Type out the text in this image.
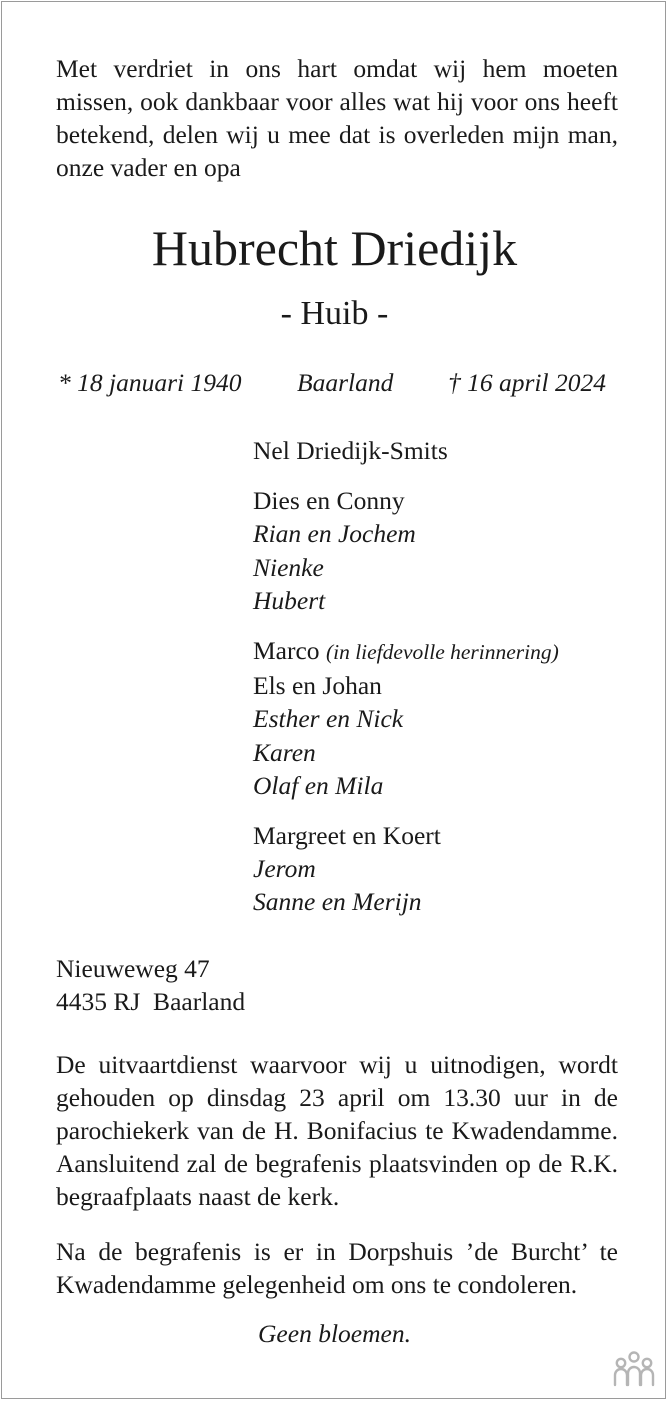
Met verdriet in ons hart omdat wij hem moeten missen, ook dankbaar voor alles wat hij voor ons heeft betekend, delen wij u mee dat is overleden mijn man, onze vader en opa
Hubrecht Driedijk
- Huib -
* 18 januari 1940 Baarland † 16 april 2024
Nel Driedijk-Smits
Dies en Conny
Rian en Jochem
Nienke
Hubert
Marco (in liefdevolle herinnering)
Els en Johan
Esther en Nick
Karen
Olaf en Mila
Margreet en Koert
Jerom
Sanne en Merijn
Nieuweweg 47
4435 RJ  Baarland
De uitvaartdienst waarvoor wij u uitnodigen, wordt gehouden op dinsdag 23 april om 13.30 uur in de parochiekerk van de H. Bonifacius te Kwadendamme. Aansluitend zal de begrafenis plaatsvinden op de R.K. begraafplaats naast de kerk.
Na de begrafenis is er in Dorpshuis ’de Burcht’ te Kwadendamme gelegenheid om ons te condoleren.
Geen bloemen.
